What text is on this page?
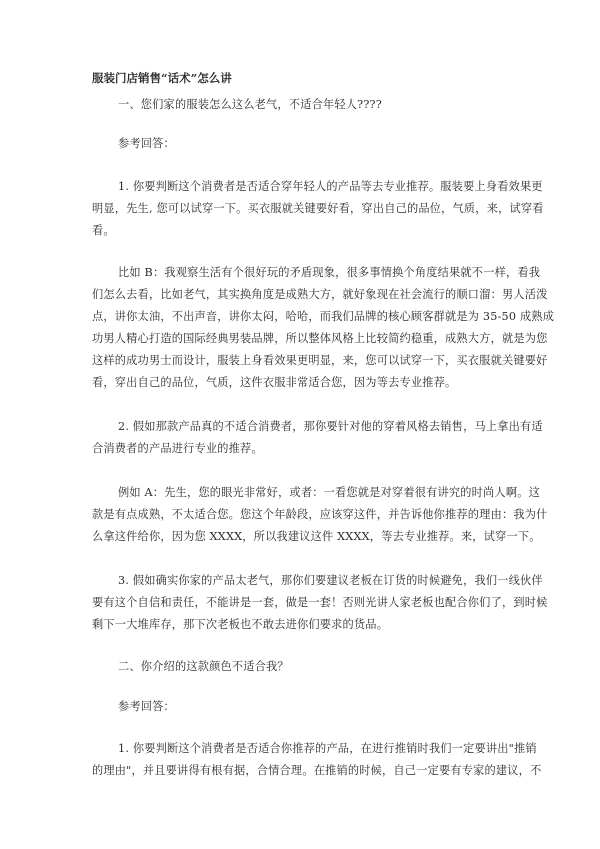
服装门店销售“话术”怎么讲
一、您们家的服装怎么这么老气，不适合年轻人????
参考回答：
1. 你要判断这个消费者是否适合穿年轻人的产品等去专业推荐。服装要上身看效果更
明显，先生, 您可以试穿一下。买衣服就关键要好看，穿出自己的品位，气质，来，试穿看
看。
比如 B：我观察生活有个很好玩的矛盾现象，很多事情换个角度结果就不一样，看我
们怎么去看，比如老气，其实换角度是成熟大方，就好象现在社会流行的顺口溜：男人活泼
点，讲你太油，不出声音，讲你太闷，哈哈，而我们品牌的核心顾客群就是为 35-50 成熟成
功男人精心打造的国际经典男装品牌，所以整体风格上比较简约稳重，成熟大方，就是为您
这样的成功男士而设计，服装上身看效果更明显，来，您可以试穿一下，买衣服就关键要好
看，穿出自己的品位，气质，这件衣服非常适合您，因为等去专业推荐。
2. 假如那款产品真的不适合消费者，那你要针对他的穿着风格去销售，马上拿出有适
合消费者的产品进行专业的推荐。
例如 A：先生，您的眼光非常好，或者：一看您就是对穿着很有讲究的时尚人啊。这
款是有点成熟，不太适合您。您这个年龄段，应该穿这件，并告诉他你推荐的理由：我为什
么拿这件给你，因为您 XXXX，所以我建议这件 XXXX，等去专业推荐。来，试穿一下。
3. 假如确实你家的产品太老气，那你们要建议老板在订货的时候避免，我们一线伙伴
要有这个自信和责任，不能讲是一套，做是一套！否则光讲人家老板也配合你们了，到时候
剩下一大堆库存，那下次老板也不敢去进你们要求的货品。
二、你介绍的这款颜色不适合我？
参考回答：
1. 你要判断这个消费者是否适合你推荐的产品，在进行推销时我们一定要讲出"推销
的理由"，并且要讲得有根有据，合情合理。在推销的时候，自己一定要有专家的建议，不
